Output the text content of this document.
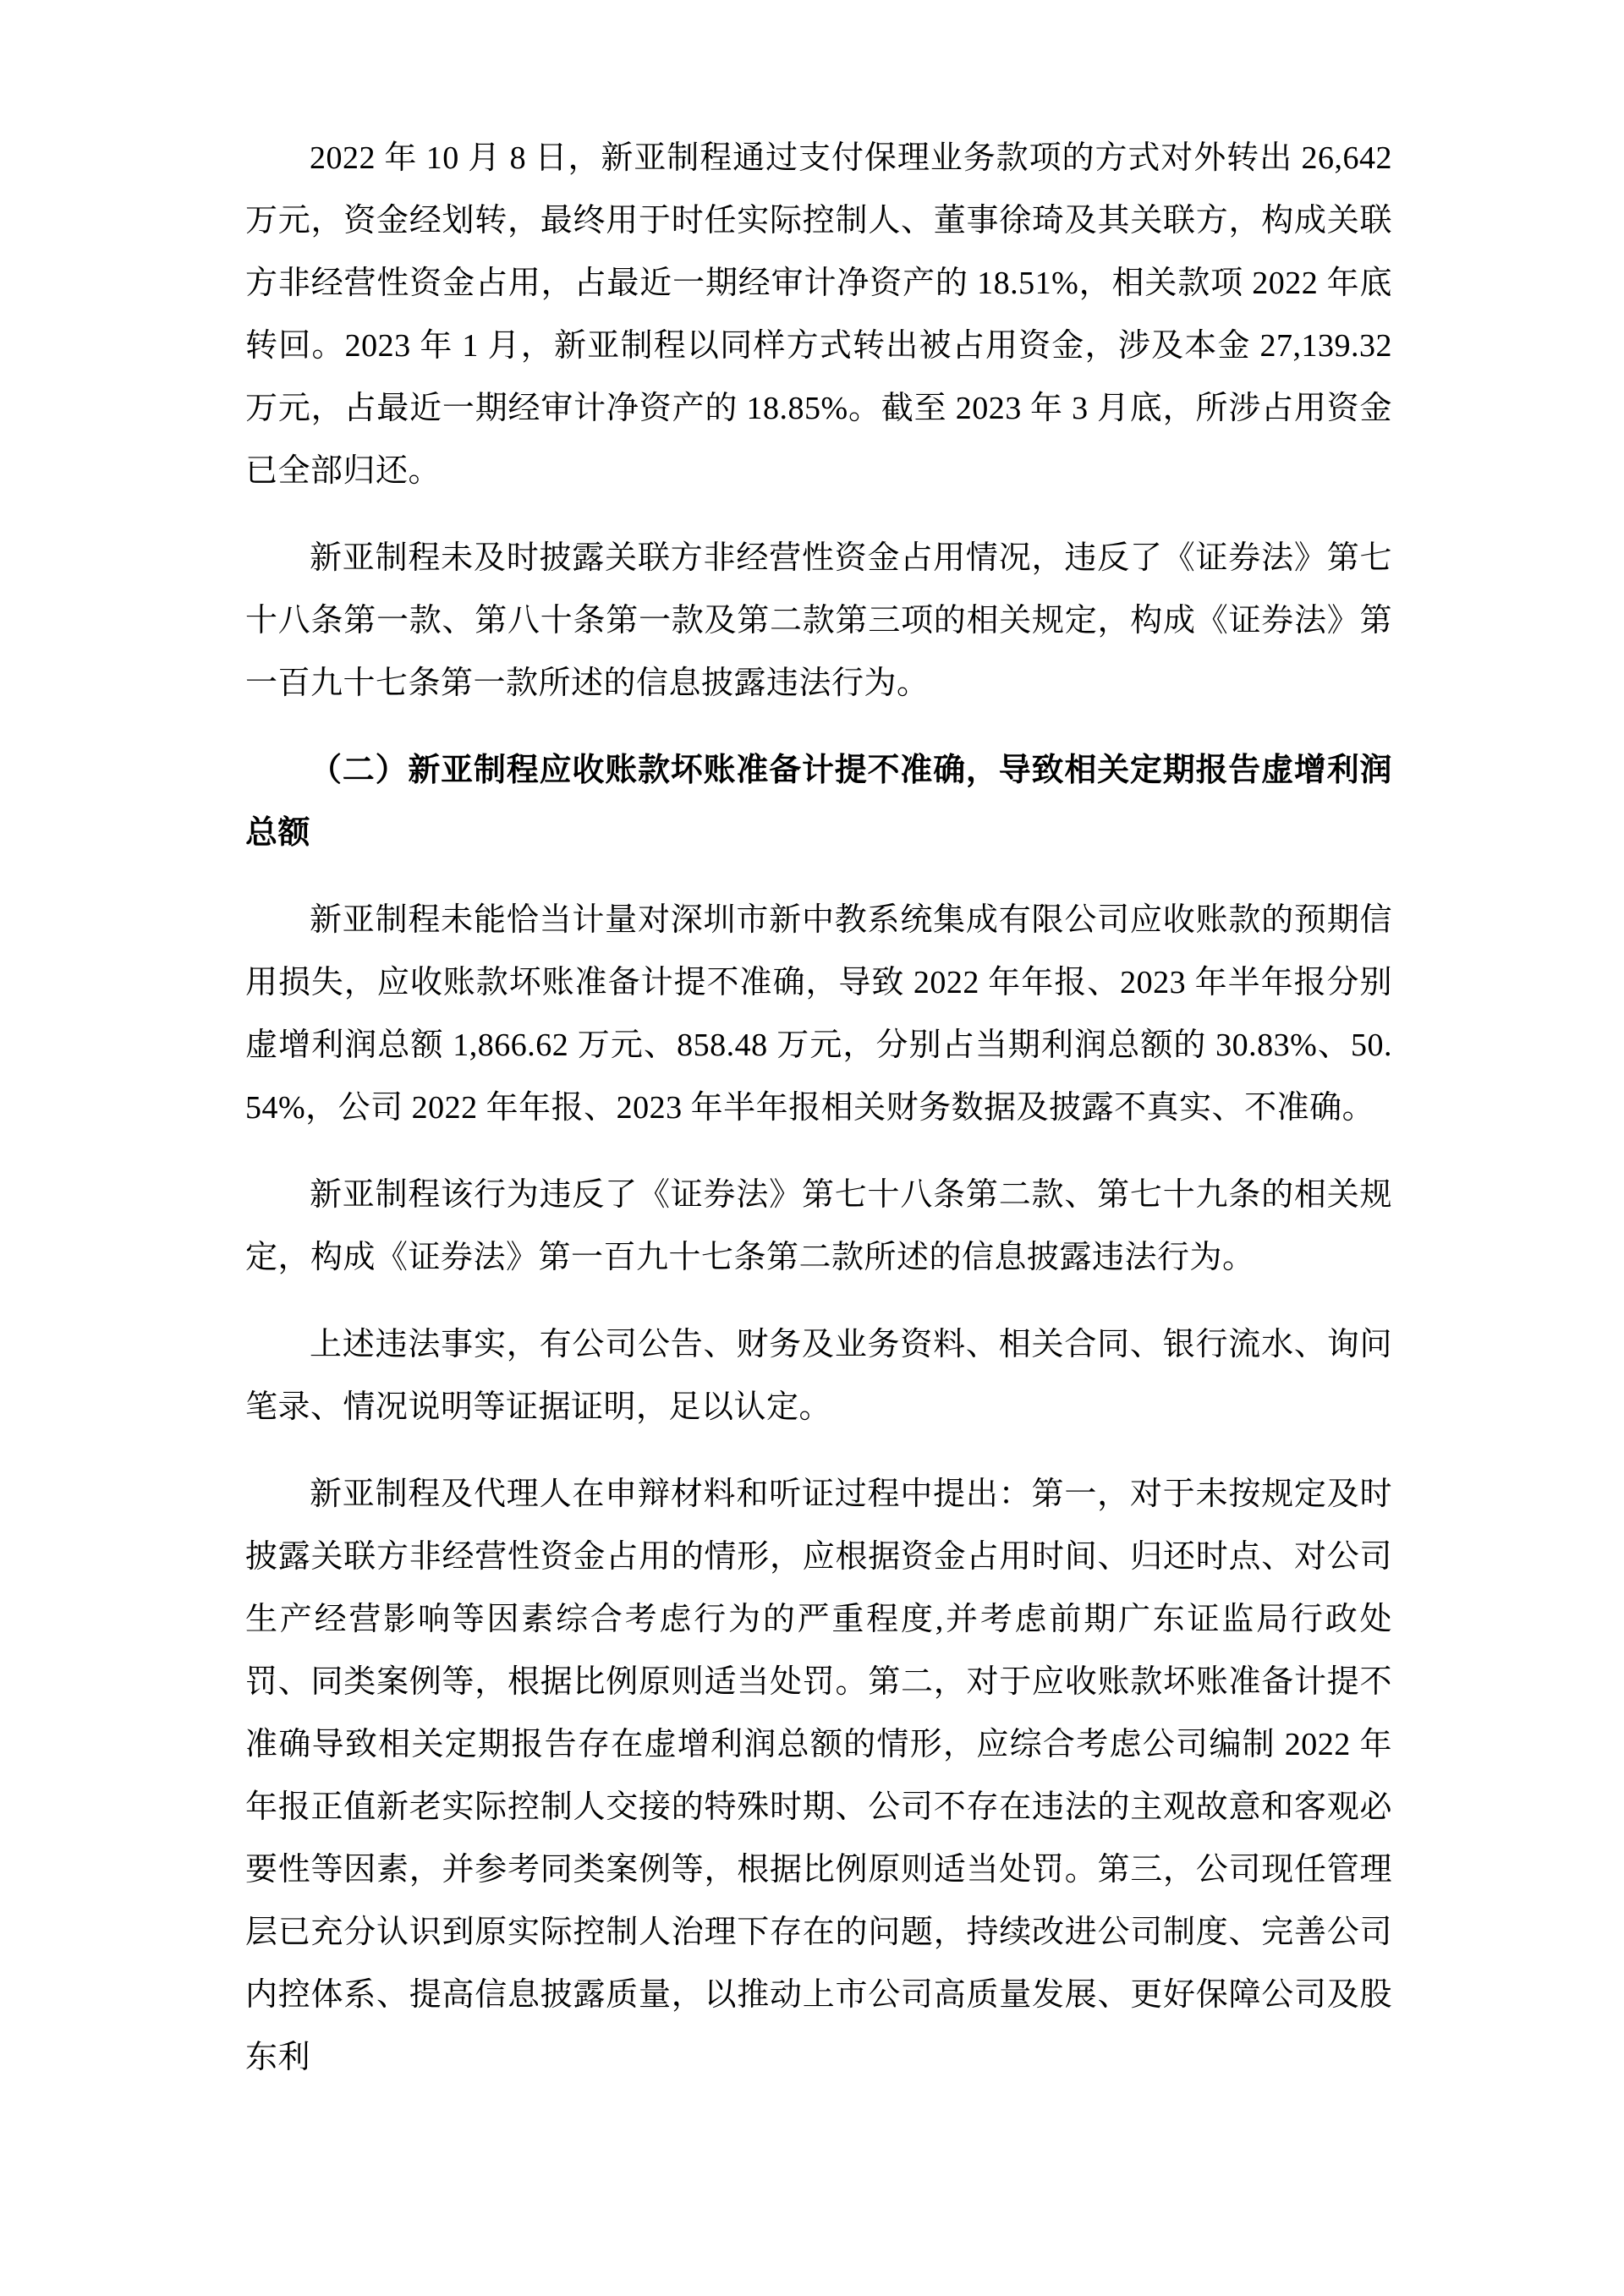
2022 年 10 月 8 日，新亚制程通过支付保理业务款项的方式对外转出 26,642 万元，资金经划转，最终用于时任实际控制人、董事徐琦及其关联方，构成关联方非经营性资金占用，占最近一期经审计净资产的 18.51%，相关款项 2022 年底转回。2023 年 1 月，新亚制程以同样方式转出被占用资金，涉及本金 27,139.32 万元，占最近一期经审计净资产的 18.85%。截至 2023 年 3 月底，所涉占用资金已全部归还。

新亚制程未及时披露关联方非经营性资金占用情况，违反了《证券法》第七十八条第一款、第八十条第一款及第二款第三项的相关规定，构成《证券法》第一百九十七条第一款所述的信息披露违法行为。

（二）新亚制程应收账款坏账准备计提不准确，导致相关定期报告虚增利润总额

新亚制程未能恰当计量对深圳市新中教系统集成有限公司应收账款的预期信用损失，应收账款坏账准备计提不准确，导致 2022 年年报、2023 年半年报分别虚增利润总额 1,866.62 万元、858.48 万元，分别占当期利润总额的 30.83%、50.54%，公司 2022 年年报、2023 年半年报相关财务数据及披露不真实、不准确。

新亚制程该行为违反了《证券法》第七十八条第二款、第七十九条的相关规定，构成《证券法》第一百九十七条第二款所述的信息披露违法行为。

上述违法事实，有公司公告、财务及业务资料、相关合同、银行流水、询问笔录、情况说明等证据证明，足以认定。

新亚制程及代理人在申辩材料和听证过程中提出：第一，对于未按规定及时披露关联方非经营性资金占用的情形，应根据资金占用时间、归还时点、对公司生产经营影响等因素综合考虑行为的严重程度,并考虑前期广东证监局行政处罚、同类案例等，根据比例原则适当处罚。第二，对于应收账款坏账准备计提不准确导致相关定期报告存在虚增利润总额的情形，应综合考虑公司编制 2022 年年报正值新老实际控制人交接的特殊时期、公司不存在违法的主观故意和客观必要性等因素，并参考同类案例等，根据比例原则适当处罚。第三，公司现任管理层已充分认识到原实际控制人治理下存在的问题，持续改进公司制度、完善公司内控体系、提高信息披露质量，以推动上市公司高质量发展、更好保障公司及股东利
